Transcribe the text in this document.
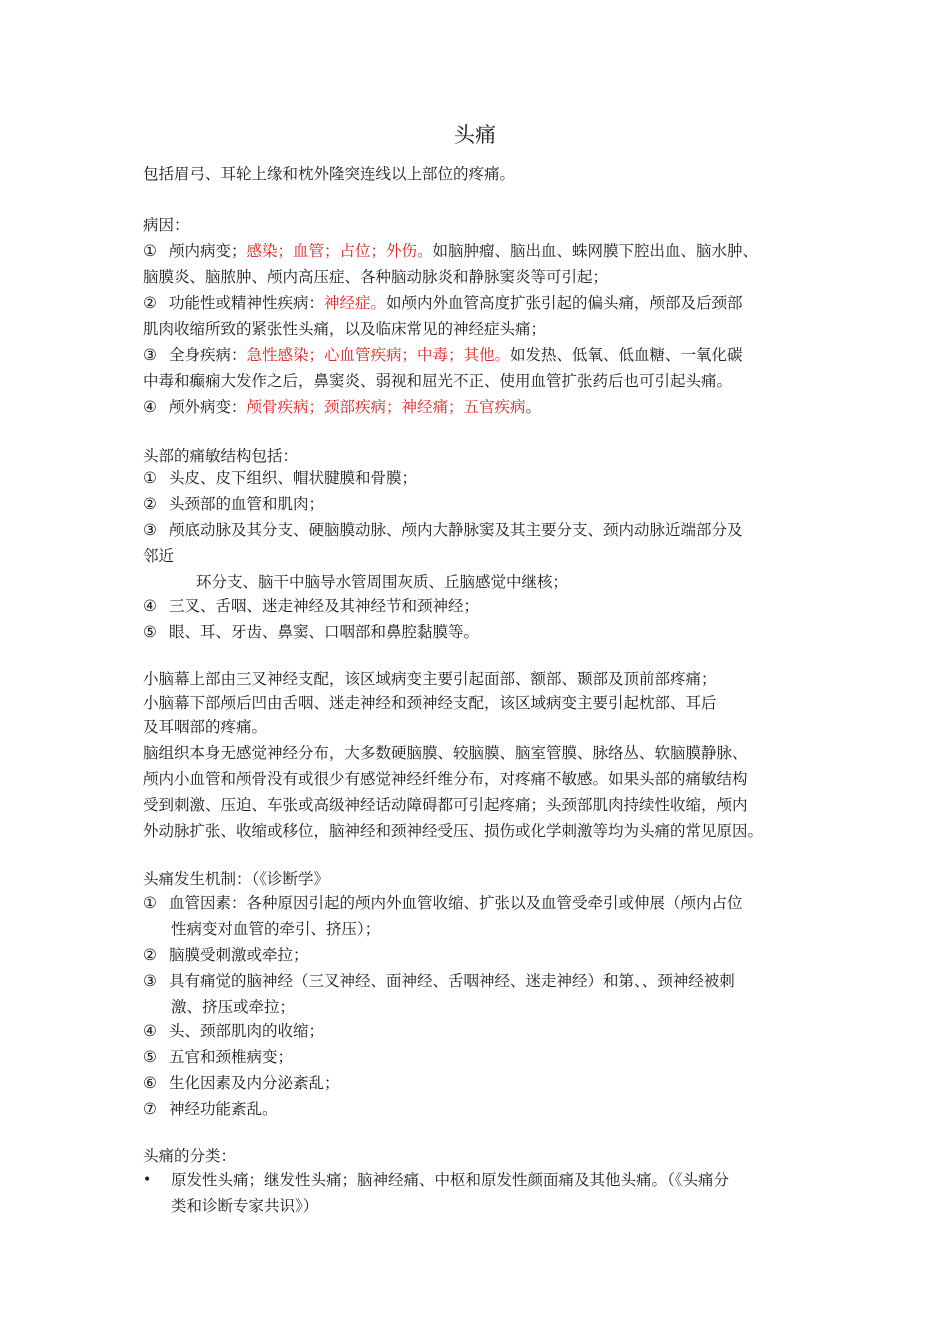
头痛
包括眉弓、耳轮上缘和枕外隆突连线以上部位的疼痛。
病因：
① 颅内病变；感染；血管；占位；外伤。如脑肿瘤、脑出血、蛛网膜下腔出血、脑水肿、
脑膜炎、脑脓肿、颅内高压症、各种脑动脉炎和静脉窦炎等可引起；
② 功能性或精神性疾病：神经症。如颅内外血管高度扩张引起的偏头痛，颅部及后颈部
肌肉收缩所致的紧张性头痛，以及临床常见的神经症头痛；
③ 全身疾病：急性感染；心血管疾病；中毒；其他。如发热、低氧、低血糖、一氧化碳
中毒和癫痫大发作之后，鼻窦炎、弱视和屈光不正、使用血管扩张药后也可引起头痛。
④ 颅外病变：颅骨疾病；颈部疾病；神经痛；五官疾病。
头部的痛敏结构包括：
① 头皮、皮下组织、帽状腱膜和骨膜；
② 头颈部的血管和肌肉；
③ 颅底动脉及其分支、硬脑膜动脉、颅内大静脉窦及其主要分支、颈内动脉近端部分及
邻近
环分支、脑干中脑导水管周围灰质、丘脑感觉中继核；
④ 三叉、舌咽、迷走神经及其神经节和颈神经；
⑤ 眼、耳、牙齿、鼻窦、口咽部和鼻腔黏膜等。
小脑幕上部由三叉神经支配，该区域病变主要引起面部、额部、颞部及顶前部疼痛；
小脑幕下部颅后凹由舌咽、迷走神经和颈神经支配，该区域病变主要引起枕部、耳后
及耳咽部的疼痛。
脑组织本身无感觉神经分布，大多数硬脑膜、较脑膜、脑室管膜、脉络丛、软脑膜静脉、
颅内小血管和颅骨没有或很少有感觉神经纤维分布，对疼痛不敏感。如果头部的痛敏结构
受到刺激、压迫、车张或高级神经话动障碍都可引起疼痛；头颈部肌肉持续性收缩，颅内
外动脉扩张、收缩或移位，脑神经和颈神经受压、损伤或化学刺激等均为头痛的常见原因。
头痛发生机制：（《诊断学》
① 血管因素：各种原因引起的颅内外血管收缩、扩张以及血管受牵引或伸展（颅内占位
性病变对血管的牵引、挤压）；
② 脑膜受刺激或牵拉；
③ 具有痛觉的脑神经（三叉神经、面神经、舌咽神经、迷走神经）和第、、颈神经被刺
激、挤压或牵拉；
④ 头、颈部肌肉的收缩；
⑤ 五官和颈椎病变；
⑥ 生化因素及内分泌紊乱；
⑦ 神经功能紊乱。
头痛的分类：
• 原发性头痛；继发性头痛；脑神经痛、中枢和原发性颜面痛及其他头痛。（《头痛分
类和诊断专家共识》）
